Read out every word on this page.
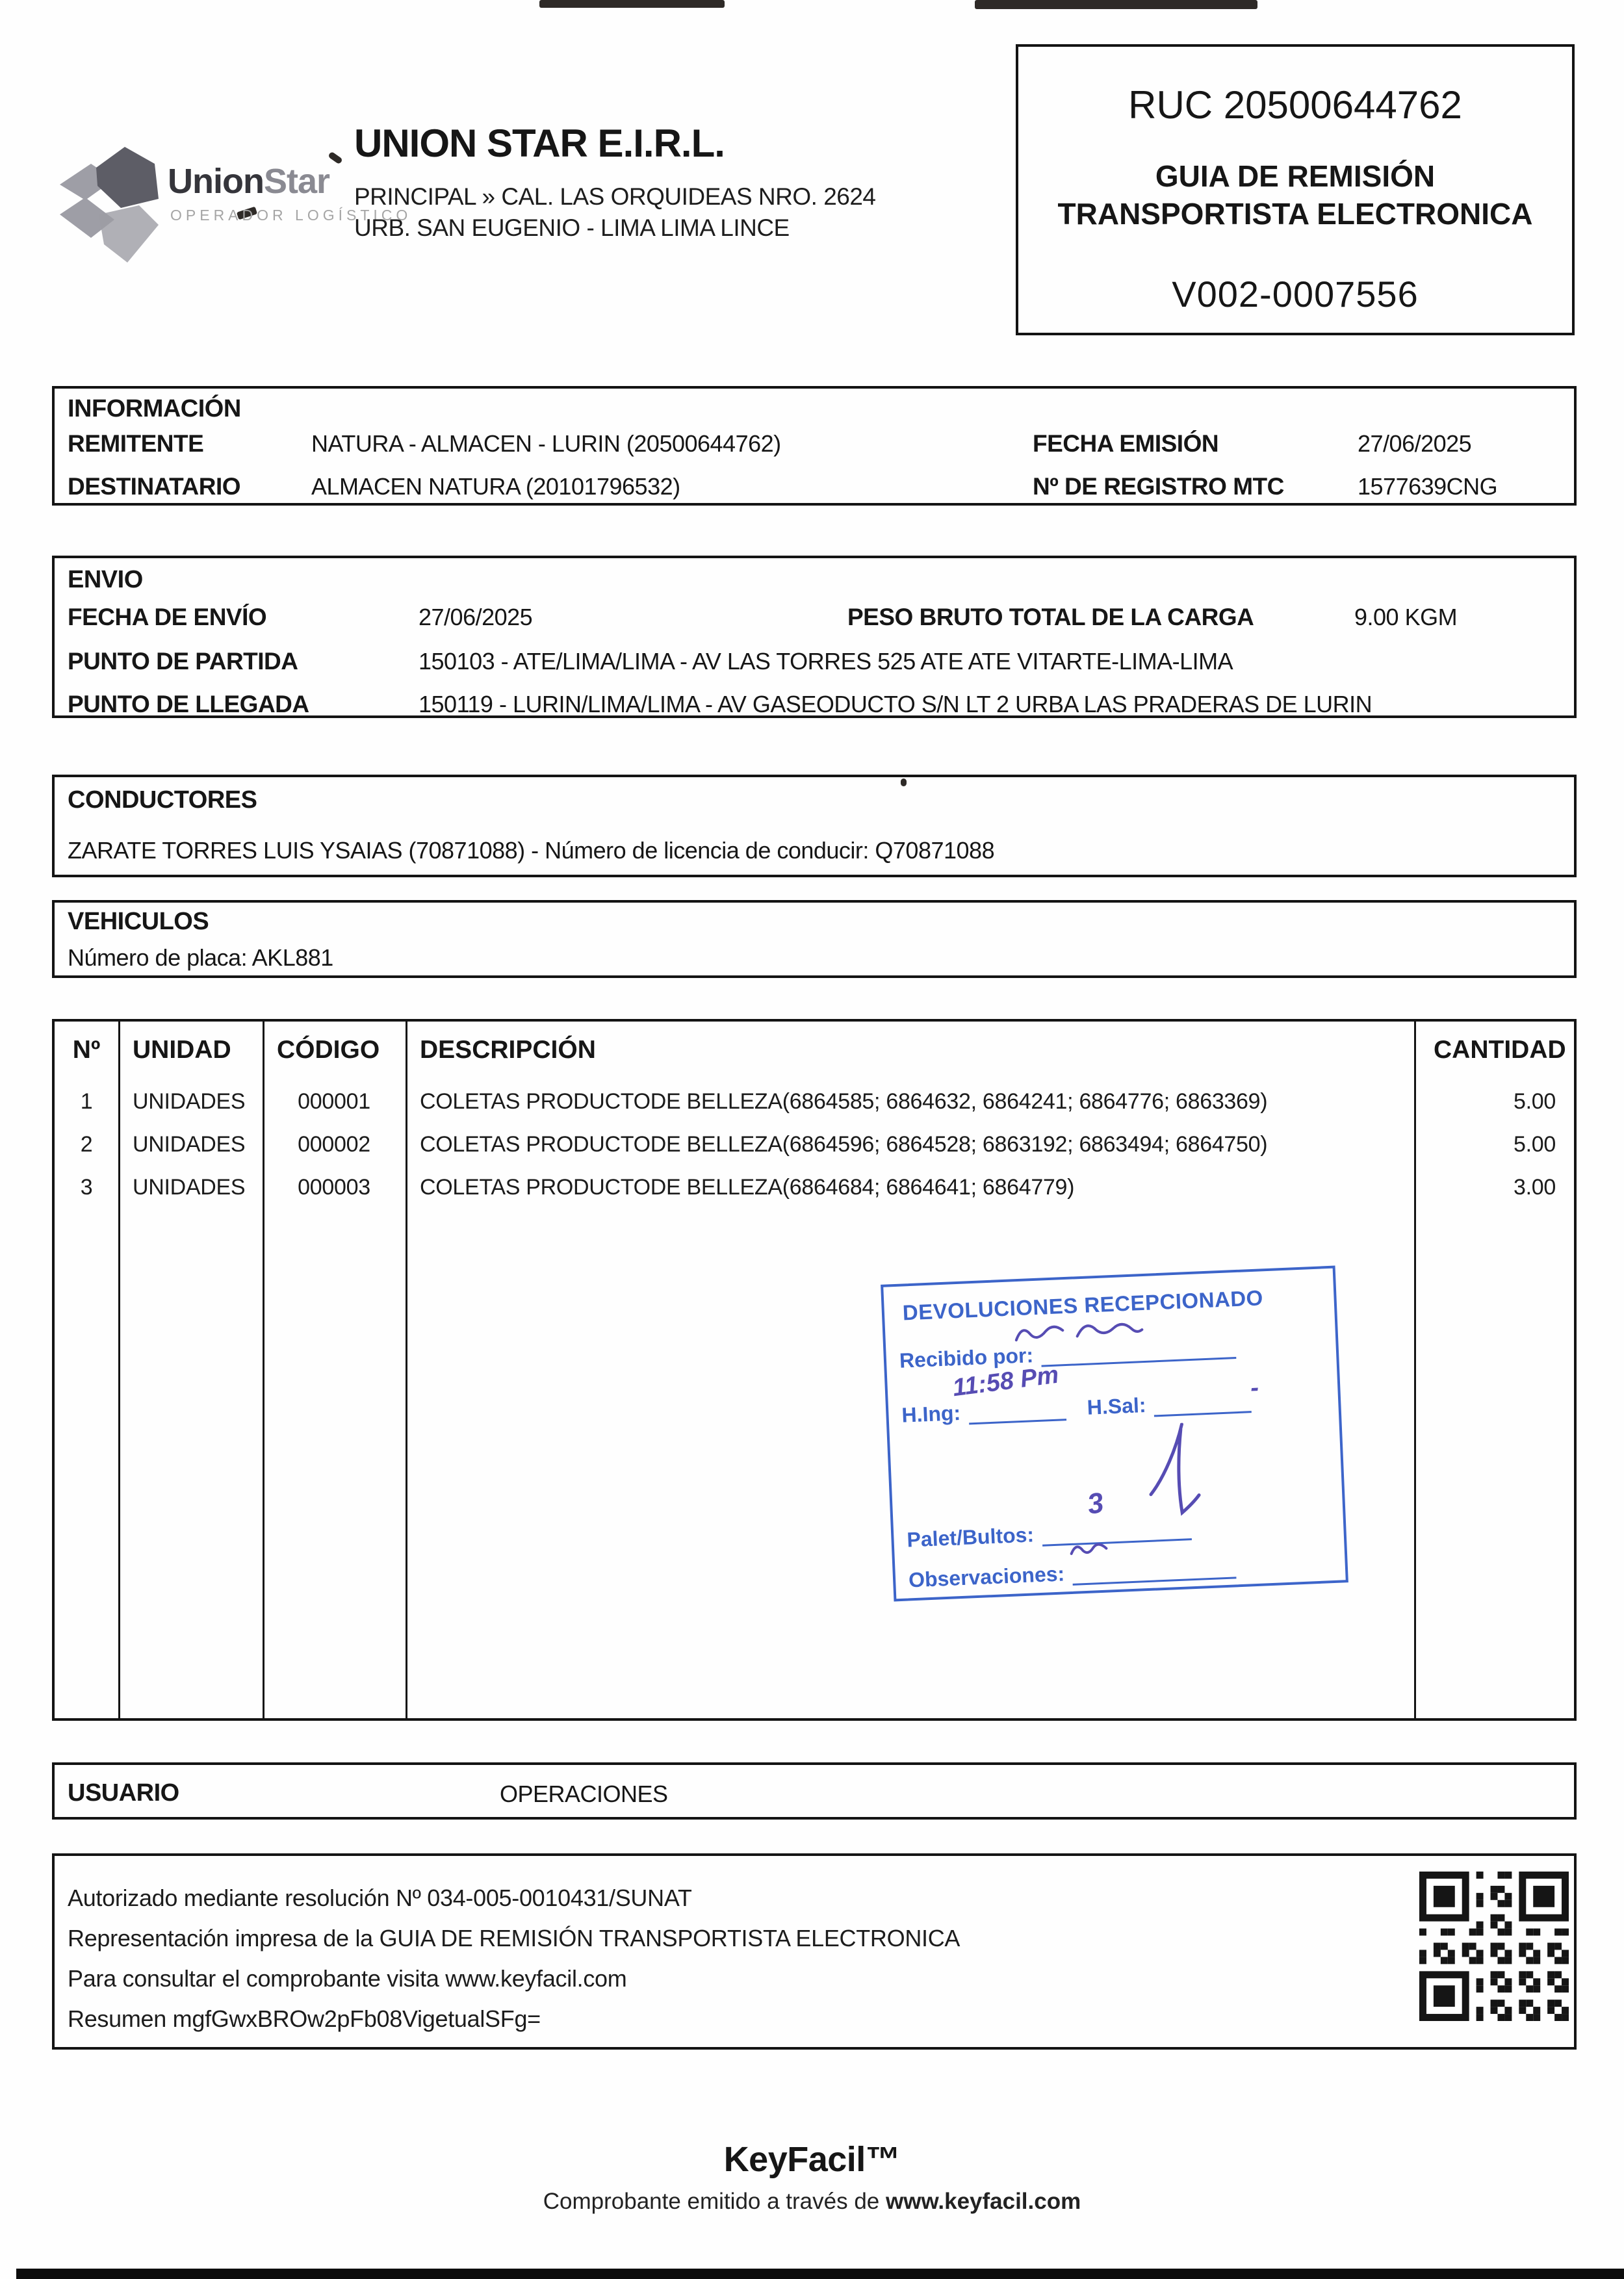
UnionStar
OPERADOR LOGÍSTICO
UNION STAR E.I.R.L.
PRINCIPAL » CAL. LAS ORQUIDEAS NRO. 2624
URB. SAN EUGENIO - LIMA LIMA LINCE
RUC 20500644762
GUIA DE REMISIÓN
TRANSPORTISTA ELECTRONICA
V002-0007556
INFORMACIÓN
REMITENTE	NATURA - ALMACEN - LURIN (20500644762)	FECHA EMISIÓN	27/06/2025
DESTINATARIO	ALMACEN NATURA (20101796532)	Nº DE REGISTRO MTC	1577639CNG
ENVIO
FECHA DE ENVÍO	27/06/2025	PESO BRUTO TOTAL DE LA CARGA	9.00 KGM
PUNTO DE PARTIDA	150103 - ATE/LIMA/LIMA - AV LAS TORRES 525 ATE ATE VITARTE-LIMA-LIMA
PUNTO DE LLEGADA	150119 - LURIN/LIMA/LIMA - AV GASEODUCTO S/N LT 2 URBA LAS PRADERAS DE LURIN
CONDUCTORES
ZARATE TORRES LUIS YSAIAS (70871088) - Número de licencia de conducir: Q70871088
VEHICULOS
Número de placa: AKL881
Nº	UNIDAD	CÓDIGO	DESCRIPCIÓN	CANTIDAD
1	UNIDADES	000001	COLETAS PRODUCTODE BELLEZA(6864585; 6864632, 6864241; 6864776; 6863369)	5.00
2	UNIDADES	000002	COLETAS PRODUCTODE BELLEZA(6864596; 6864528; 6863192; 6863494; 6864750)	5.00
3	UNIDADES	000003	COLETAS PRODUCTODE BELLEZA(6864684; 6864641; 6864779)	3.00
DEVOLUCIONES RECEPCIONADO
Recibido por:
H.Ing:	H.Sal:
11:58 Pm	-
Palet/Bultos:
3
Observaciones:
USUARIO	OPERACIONES
Autorizado mediante resolución Nº 034-005-0010431/SUNAT
Representación impresa de la GUIA DE REMISIÓN TRANSPORTISTA ELECTRONICA
Para consultar el comprobante visita www.keyfacil.com
Resumen mgfGwxBROw2pFb08VigetualSFg=
KeyFacil™
Comprobante emitido a través de www.keyfacil.com
